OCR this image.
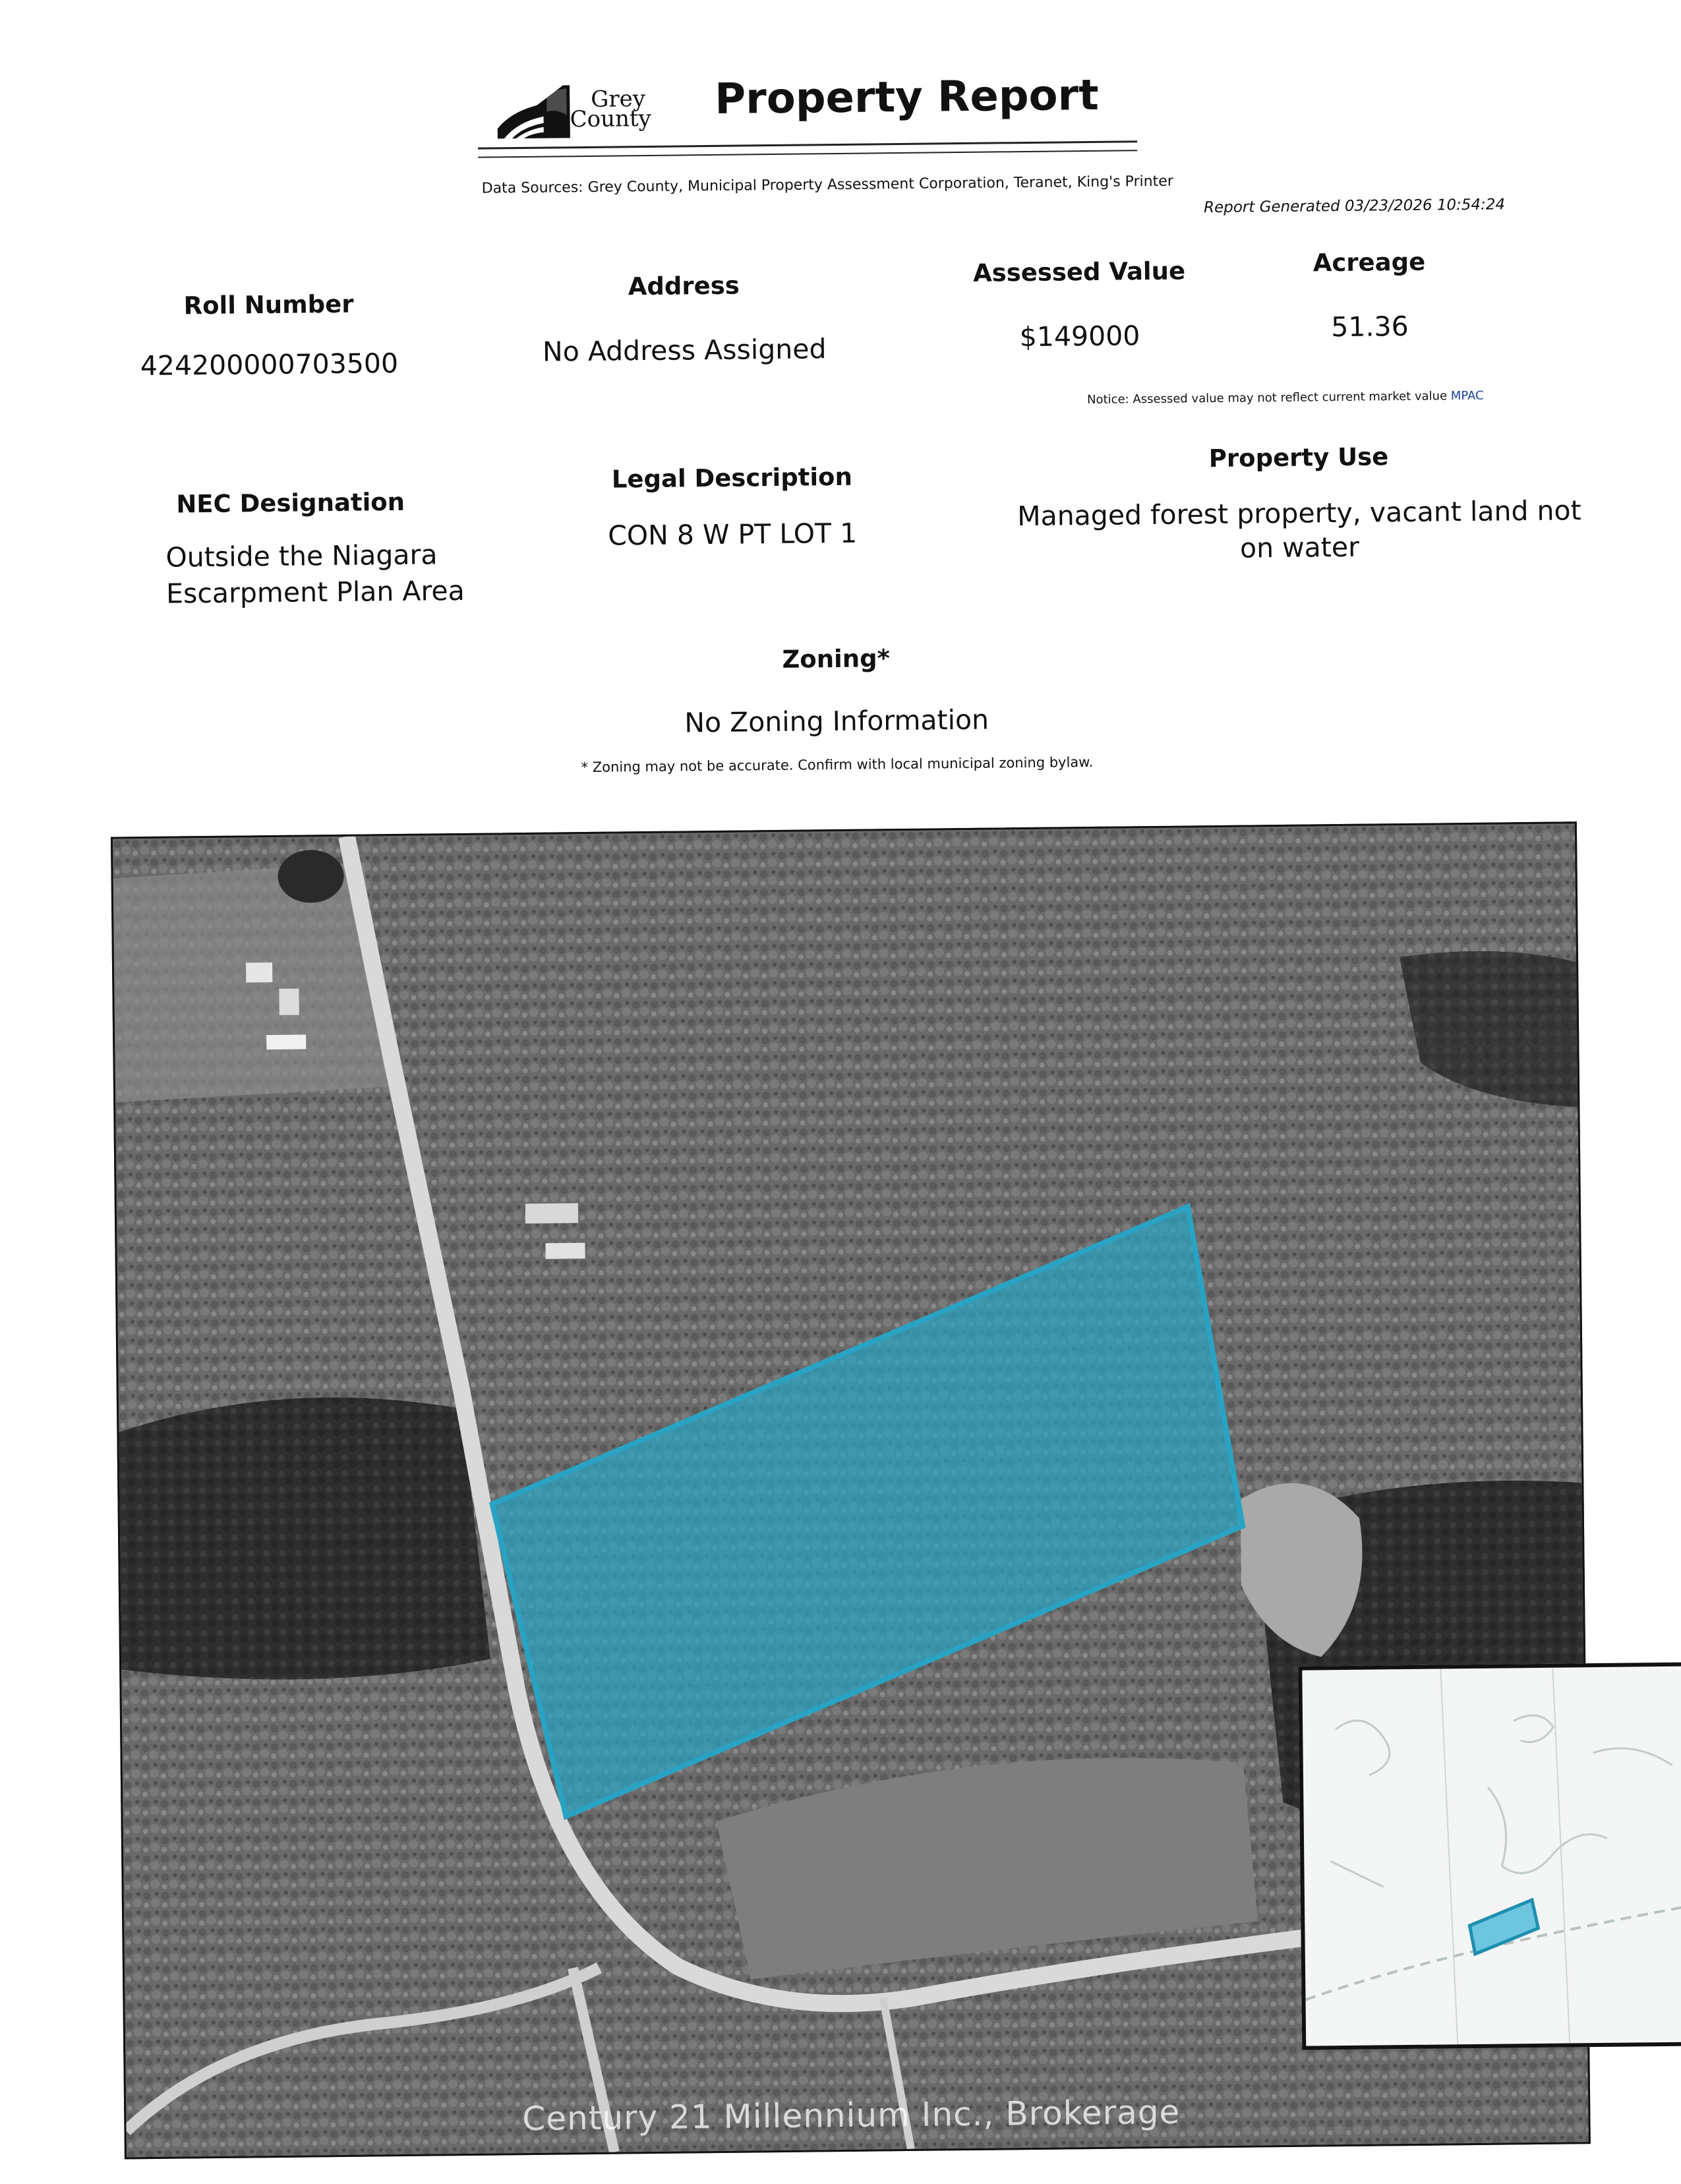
Grey
County Property Report
Data Sources: Grey County, Municipal Property Assessment Corporation, Teranet, King's Printer
Report Generated 03/23/2026 10:54:24
Roll Number
424200000703500
Address
No Address Assigned
Assessed Value
$149000
Acreage
51.36
Notice: Assessed value may not reflect current market value MPAC
NEC Designation
Outside the Niagara
Escarpment Plan Area
Legal Description
CON 8 W PT LOT 1
Property Use
Managed forest property, vacant land not
on water
Zoning*
No Zoning Information
* Zoning may not be accurate. Confirm with local municipal zoning bylaw.
Century 21 Millennium Inc., Brokerage
